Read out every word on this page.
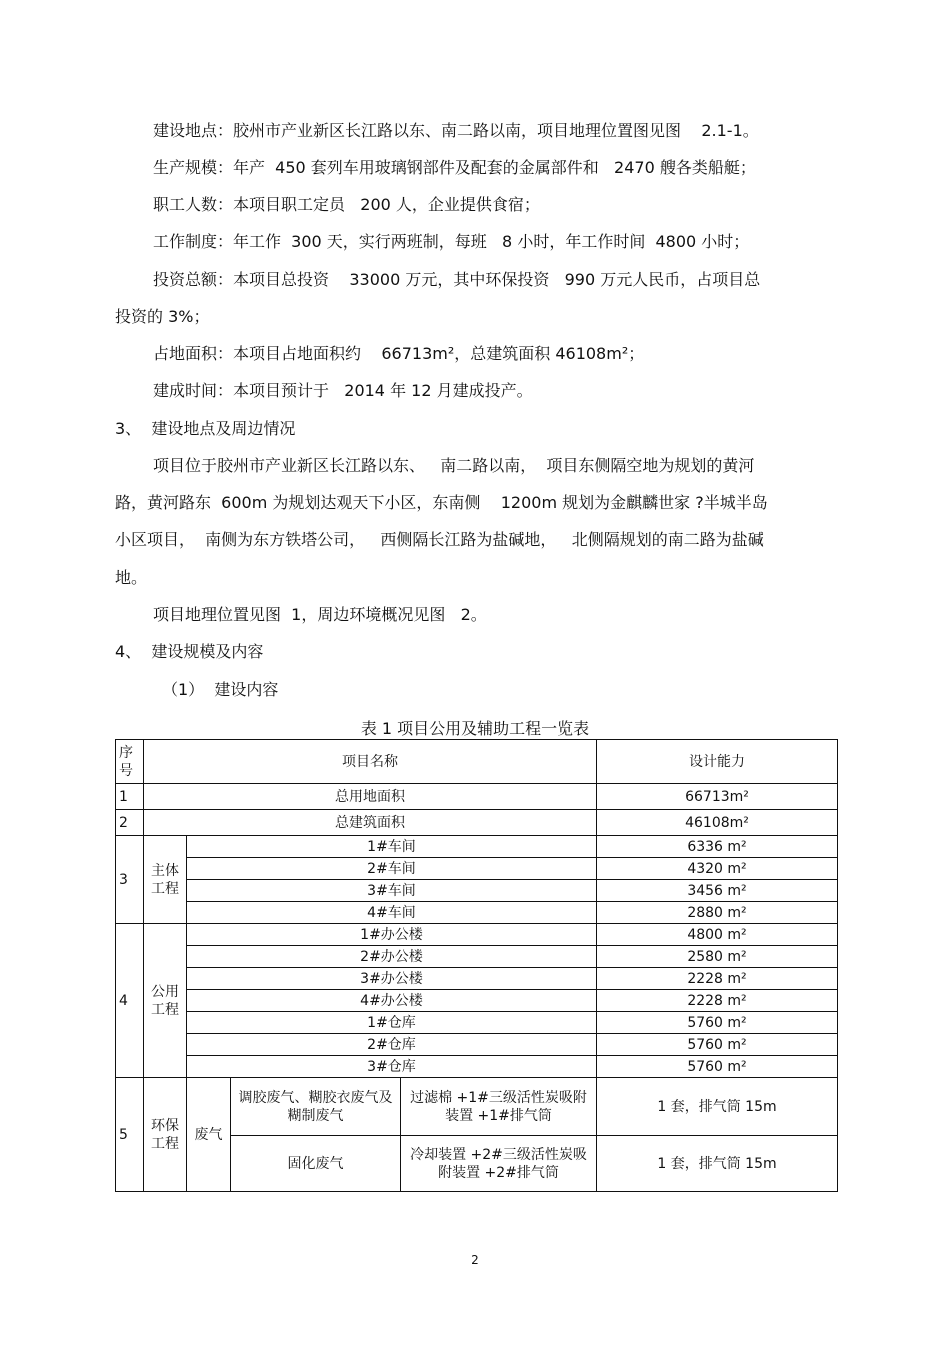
建设地点：胶州市产业新区长江路以东、南二路以南，项目地理位置图见图    2.1-1。
生产规模：年产  450 套列车用玻璃钢部件及配套的金属部件和   2470 艘各类船艇；
职工人数：本项目职工定员   200 人，企业提供食宿；
工作制度：年工作  300 天，实行两班制，每班   8 小时，年工作时间  4800 小时；
投资总额：本项目总投资    33000 万元，其中环保投资   990 万元人民币，占项目总
投资的 3%；
占地面积：本项目占地面积约    66713m²，总建筑面积 46108m²；
建成时间：本项目预计于   2014 年 12 月建成投产。
3、  建设地点及周边情况
项目位于胶州市产业新区长江路以东、   南二路以南，  项目东侧隔空地为规划的黄河
路，黄河路东  600m 为规划达观天下小区，东南侧    1200m 规划为金麒麟世家 ?半城半岛
小区项目，  南侧为东方铁塔公司，   西侧隔长江路为盐碱地，   北侧隔规划的南二路为盐碱
地。
项目地理位置见图  1，周边环境概况见图   2。
4、  建设规模及内容
（1）  建设内容
表 1 项目公用及辅助工程一览表
序号	项目名称				设计能力
1	总用地面积				66713m²
2	总建筑面积				46108m²
3	主体工程	1#车间			6336 m²
		2#车间			4320 m²
		3#车间			3456 m²
		4#车间			2880 m²
4	公用工程	1#办公楼			4800 m²
		2#办公楼			2580 m²
		3#办公楼			2228 m²
		4#办公楼			2228 m²
		1#仓库			5760 m²
		2#仓库			5760 m²
		3#仓库			5760 m²
5	环保工程	废气	调胶废气、糊胶衣废气及糊制废气	过滤棉 +1#三级活性炭吸附装置 +1#排气筒	1 套，排气筒 15m
			固化废气	冷却装置 +2#三级活性炭吸附装置 +2#排气筒	1 套，排气筒 15m
2
